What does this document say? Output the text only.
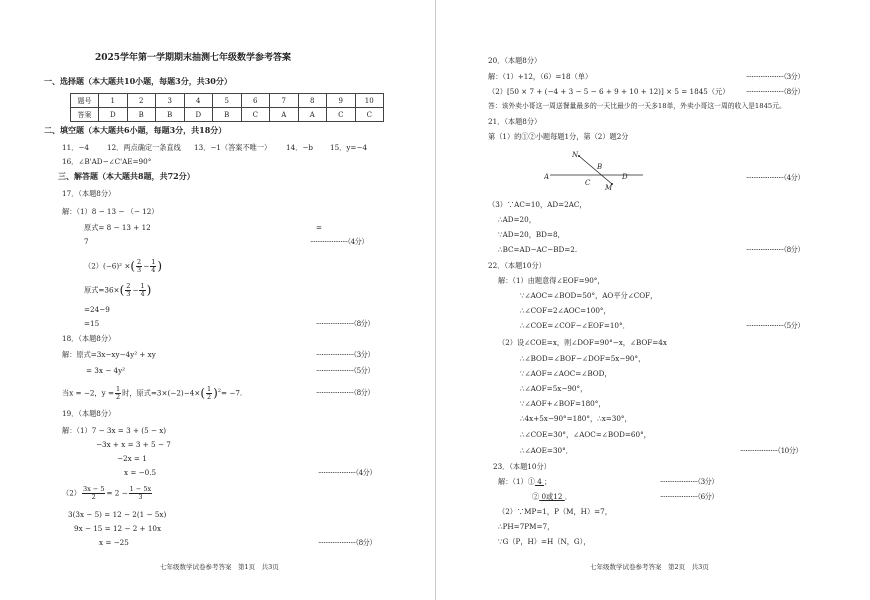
2025学年第一学期期末抽测七年级数学参考答案
一、选择题（本大题共10小题，每题3分，共30分）
题号	1	2	3	4	5	6	7	8	9	10
答案	D	B	B	D	B	C	A	A	C	C
二、填空题（本大题共6小题，每题3分，共18分）
11．−4	12．两点确定一条直线 13．−1（答案不唯一） 14．−b 15．y=−4
16．∠B'AD−∠C'AE=90°
三、解答题（本大题共8题，共72分）
17．（本题8分）
解：（1）8 − 13 − （− 12）
原式= 8 − 13 + 12	=
7	·····················（4分）
（2）(−6)² ×( $\frac{2}{3} - \frac{1}{4}$ )
原式$=36\times( \frac{2}{3} - \frac{1}{4}$ )
=24−9
=15	·····················（8分）
18．（本题8分）
解：原式=3x−xy−4y² + xy	·····················（3分）
= 3x − 4y²	·····················（5分）
当x = −2，$y = \frac{1}{2}$ 时，原式$=3\times(-2)-4\times( \frac{1}{2} )^2= -7$.	·····················（8分）
19．（本题8分）
解：（1）7 − 3x = 3 + (5 − x)
−3x + x = 3 + 5 − 7
−2x = 1
x = −0.5	·····················（4分）
$(2) \frac{3x - 5}{2} = 2 - \frac{1 - 5x}{3}$
3(3x − 5) = 12 − 2(1 − 5x)
9x − 15 = 12 − 2 + 10x
x = −25	·····················（8分）
七年级数学试卷参考答案　第1页　共3页
20．（本题8分）
解：（1）+12，（6）=18（单）	·····················（3分）
（2）[50 × 7 + (−4 + 3 − 5 − 6 + 9 + 10 + 12)] × 5 = 1845（元） ·····················（8分）
答：该外卖小哥这一周送餐量最多的一天比最少的一天多18单，外卖小哥这一周的收入是1845元。
21．（本题8分）
第（1）的①②小题每题1分，第（2）题2分
A
C
B
D
N
M
·····················（4分）
（3）∵AC=10，AD=2AC，
∴AD=20，
∵AD=20，BD=8，
∴BC=AD−AC−BD=2.	·····················（8分）
22．（本题10分）
解：（1）由题意得∠EOF=90°，
∵∠AOC=∠BOD=50°，AO平分∠COF，
∴∠COF=2∠AOC=100°，
∴∠COE=∠COF−∠EOF=10°．	·····················（5分）
（2）设∠COE=x，则∠DOF=90°−x，∠BOF=4x
∴∠BOD=∠BOF−∠DOF=5x−90°，
∵∠AOF=∠AOC=∠BOD，
∴∠AOF=5x−90°，
∵∠AOF+∠BOF=180°，
∴4x+5x−90°=180°，∴x=30°，
∴∠COE=30°，∠AOC=∠BOD=60°，
∴∠AOE=30°．	·····················（10分）
23．（本题10分）
解：（1）① 4 ；	·····················（3分）
② 0或12 ．	·····················（6分）
（2）∵MP=1，P（M，H）=7，
∴PH=7PM=7，
∵G（P，H）=H（N，G），
七年级数学试卷参考答案　第2页　共3页
